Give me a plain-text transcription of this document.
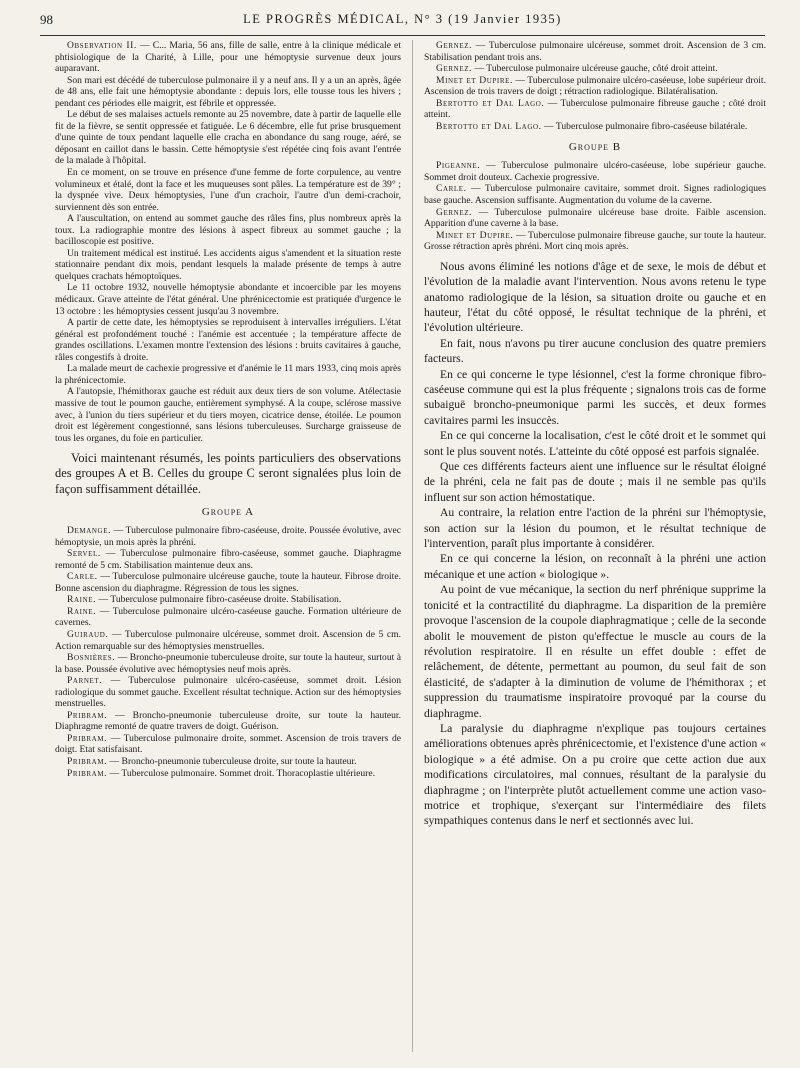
98	LE PROGRÈS MÉDICAL, N° 3 (19 Janvier 1935)

Observation II. — C... Maria, 56 ans, fille de salle, entre à la clinique médicale et phtisiologique de la Charité, à Lille, pour une hémoptysie survenue deux jours auparavant.

Son mari est décédé de tuberculose pulmonaire il y a neuf ans. Il y a un an après, âgée de 48 ans, elle fait une hémoptysie abondante : depuis lors, elle tousse tous les hivers ; pendant ces périodes elle maigrit, est fébrile et oppressée.

Le début de ses malaises actuels remonte au 25 novembre, date à partir de laquelle elle fit de la fièvre, se sentit oppressée et fatiguée. Le 6 décembre, elle fut prise brusquement d'une quinte de toux pendant laquelle elle cracha en abondance du sang rouge, aéré, se déposant en caillot dans le bassin. Cette hémoptysie s'est répétée cinq fois avant l'entrée de la malade à l'hôpital.

En ce moment, on se trouve en présence d'une femme de forte corpulence, au ventre volumineux et étalé, dont la face et les muqueuses sont pâles. La température est de 39° ; la dyspnée vive. Deux hémoptysies, l'une d'un crachoir, l'autre d'un demi-crachoir, surviennent dès son entrée.

A l'auscultation, on entend au sommet gauche des râles fins, plus nombreux après la toux. La radiographie montre des lésions à aspect fibreux au sommet gauche ; la bacilloscopie est positive.

Un traitement médical est institué. Les accidents aigus s'amendent et la situation reste stationnaire pendant dix mois, pendant lesquels la malade présente de temps à autre quelques crachats hémoptoïques.

Le 11 octobre 1932, nouvelle hémoptysie abondante et incoercible par les moyens médicaux. Grave atteinte de l'état général. Une phrénicectomie est pratiquée d'urgence le 13 octobre : les hémoptysies cessent jusqu'au 3 novembre.

A partir de cette date, les hémoptysies se reproduisent à intervalles irréguliers. L'état général est profondément touché : l'anémie est accentuée ; la température affecte de grandes oscillations. L'examen montre l'extension des lésions : bruits cavitaires à gauche, râles congestifs à droite.

La malade meurt de cachexie progressive et d'anémie le 11 mars 1933, cinq mois après la phrénicectomie.

A l'autopsie, l'hémithorax gauche est réduit aux deux tiers de son volume. Atélectasie massive de tout le poumon gauche, entièrement symphysé. A la coupe, sclérose massive avec, à l'union du tiers supérieur et du tiers moyen, cicatrice dense, étoilée. Le poumon droit est légèrement congestionné, sans lésions tuberculeuses. Surcharge graisseuse de tous les organes, du foie en particulier.

Voici maintenant résumés, les points particuliers des observations des groupes A et B. Celles du groupe C seront signalées plus loin de façon suffisamment détaillée.

Groupe A

Demange. — Tuberculose pulmonaire fibro-caséeuse, droite. Poussée évolutive, avec hémoptysie, un mois après la phréni.

Servel. — Tuberculose pulmonaire fibro-caséeuse, sommet gauche. Diaphragme remonté de 5 cm. Stabilisation maintenue deux ans.

Carle. — Tuberculose pulmonaire ulcéreuse gauche, toute la hauteur. Fibrose droite. Bonne ascension du diaphragme. Régression de tous les signes.

Raine. — Tuberculose pulmonaire fibro-caséeuse droite. Stabilisation.

Raine. — Tuberculose pulmonaire ulcéro-caséeuse gauche. Formation ultérieure de cavernes.

Guiraud. — Tuberculose pulmonaire ulcéreuse, sommet droit. Ascension de 5 cm. Action remarquable sur des hémoptysies menstruelles.

Bosnières. — Broncho-pneumonie tuberculeuse droite, sur toute la hauteur, surtout à la base. Poussée évolutive avec hémoptysies neuf mois après.

Parnet. — Tuberculose pulmonaire ulcéro-caséeuse, sommet droit. Lésion radiologique du sommet gauche. Excellent résultat technique. Action sur des hémoptysies menstruelles.

Pribram. — Broncho-pneumonie tuberculeuse droite, sur toute la hauteur. Diaphragme remonté de quatre travers de doigt. Guérison.

Pribram. — Tuberculose pulmonaire droite, sommet. Ascension de trois travers de doigt. Etat satisfaisant.

Pribram. — Broncho-pneumonie tuberculeuse droite, sur toute la hauteur.

Pribram. — Tuberculose pulmonaire. Sommet droit. Thoracoplastie ultérieure.

Gernez. — Tuberculose pulmonaire ulcéreuse, sommet droit. Ascension de 3 cm. Stabilisation pendant trois ans.

Gernez. — Tuberculose pulmonaire ulcéreuse gauche, côté droit atteint.

Minet et Dupire. — Tuberculose pulmonaire ulcéro-caséeuse, lobe supérieur droit. Ascension de trois travers de doigt ; rétraction radiologique. Bilatéralisation.

Bertotto et Dal Lago. — Tuberculose pulmonaire fibreuse gauche ; côté droit atteint.

Bertotto et Dal Lago. — Tuberculose pulmonaire fibro-caséeuse bilatérale.

Groupe B

Pigeanne. — Tuberculose pulmonaire ulcéro-caséeuse, lobe supérieur gauche. Sommet droit douteux. Cachexie progressive.

Carle. — Tuberculose pulmonaire cavitaire, sommet droit. Signes radiologiques base gauche. Ascension suffisante. Augmentation du volume de la caverne.

Gernez. — Tuberculose pulmonaire ulcéreuse base droite. Faible ascension. Apparition d'une caverne à la base.

Minet et Dupire. — Tuberculose pulmonaire fibreuse gauche, sur toute la hauteur. Grosse rétraction après phréni. Mort cinq mois après.

Nous avons éliminé les notions d'âge et de sexe, le mois de début et l'évolution de la maladie avant l'intervention. Nous avons retenu le type anatomo radiologique de la lésion, sa situation droite ou gauche et en hauteur, l'état du côté opposé, le résultat technique de la phréni, et l'évolution ultérieure.

En fait, nous n'avons pu tirer aucune conclusion des quatre premiers facteurs.

En ce qui concerne le type lésionnel, c'est la forme chronique fibro-caséeuse commune qui est la plus fréquente ; signalons trois cas de forme subaiguë broncho-pneumonique parmi les succès, et deux formes cavitaires parmi les insuccès.

En ce qui concerne la localisation, c'est le côté droit et le sommet qui sont le plus souvent notés. L'atteinte du côté opposé est parfois signalée.

Que ces différents facteurs aient une influence sur le résultat éloigné de la phréni, cela ne fait pas de doute ; mais il ne semble pas qu'ils influent sur son action hémostatique.

Au contraire, la relation entre l'action de la phréni sur l'hémoptysie, son action sur la lésion du poumon, et le résultat technique de l'intervention, paraît plus importante à considérer.

En ce qui concerne la lésion, on reconnaît à la phréni une action mécanique et une action « biologique ».

Au point de vue mécanique, la section du nerf phrénique supprime la tonicité et la contractilité du diaphragme. La disparition de la première provoque l'ascension de la coupole diaphragmatique ; celle de la seconde abolit le mouvement de piston qu'effectue le muscle au cours de la révolution respiratoire. Il en résulte un effet double : effet de relâchement, de détente, permettant au poumon, du seul fait de son élasticité, de s'adapter à la diminution de volume de l'hémithorax ; et suppression du traumatisme inspiratoire provoqué par la course du diaphragme.

La paralysie du diaphragme n'explique pas toujours certaines améliorations obtenues après phrénicectomie, et l'existence d'une action « biologique » a été admise. On a pu croire que cette action due aux modifications circulatoires, mal connues, résultant de la paralysie du diaphragme ; on l'interprète plutôt actuellement comme une action vaso-motrice et trophique, s'exerçant sur l'intermédiaire des filets sympathiques contenus dans le nerf et sectionnés avec lui.
